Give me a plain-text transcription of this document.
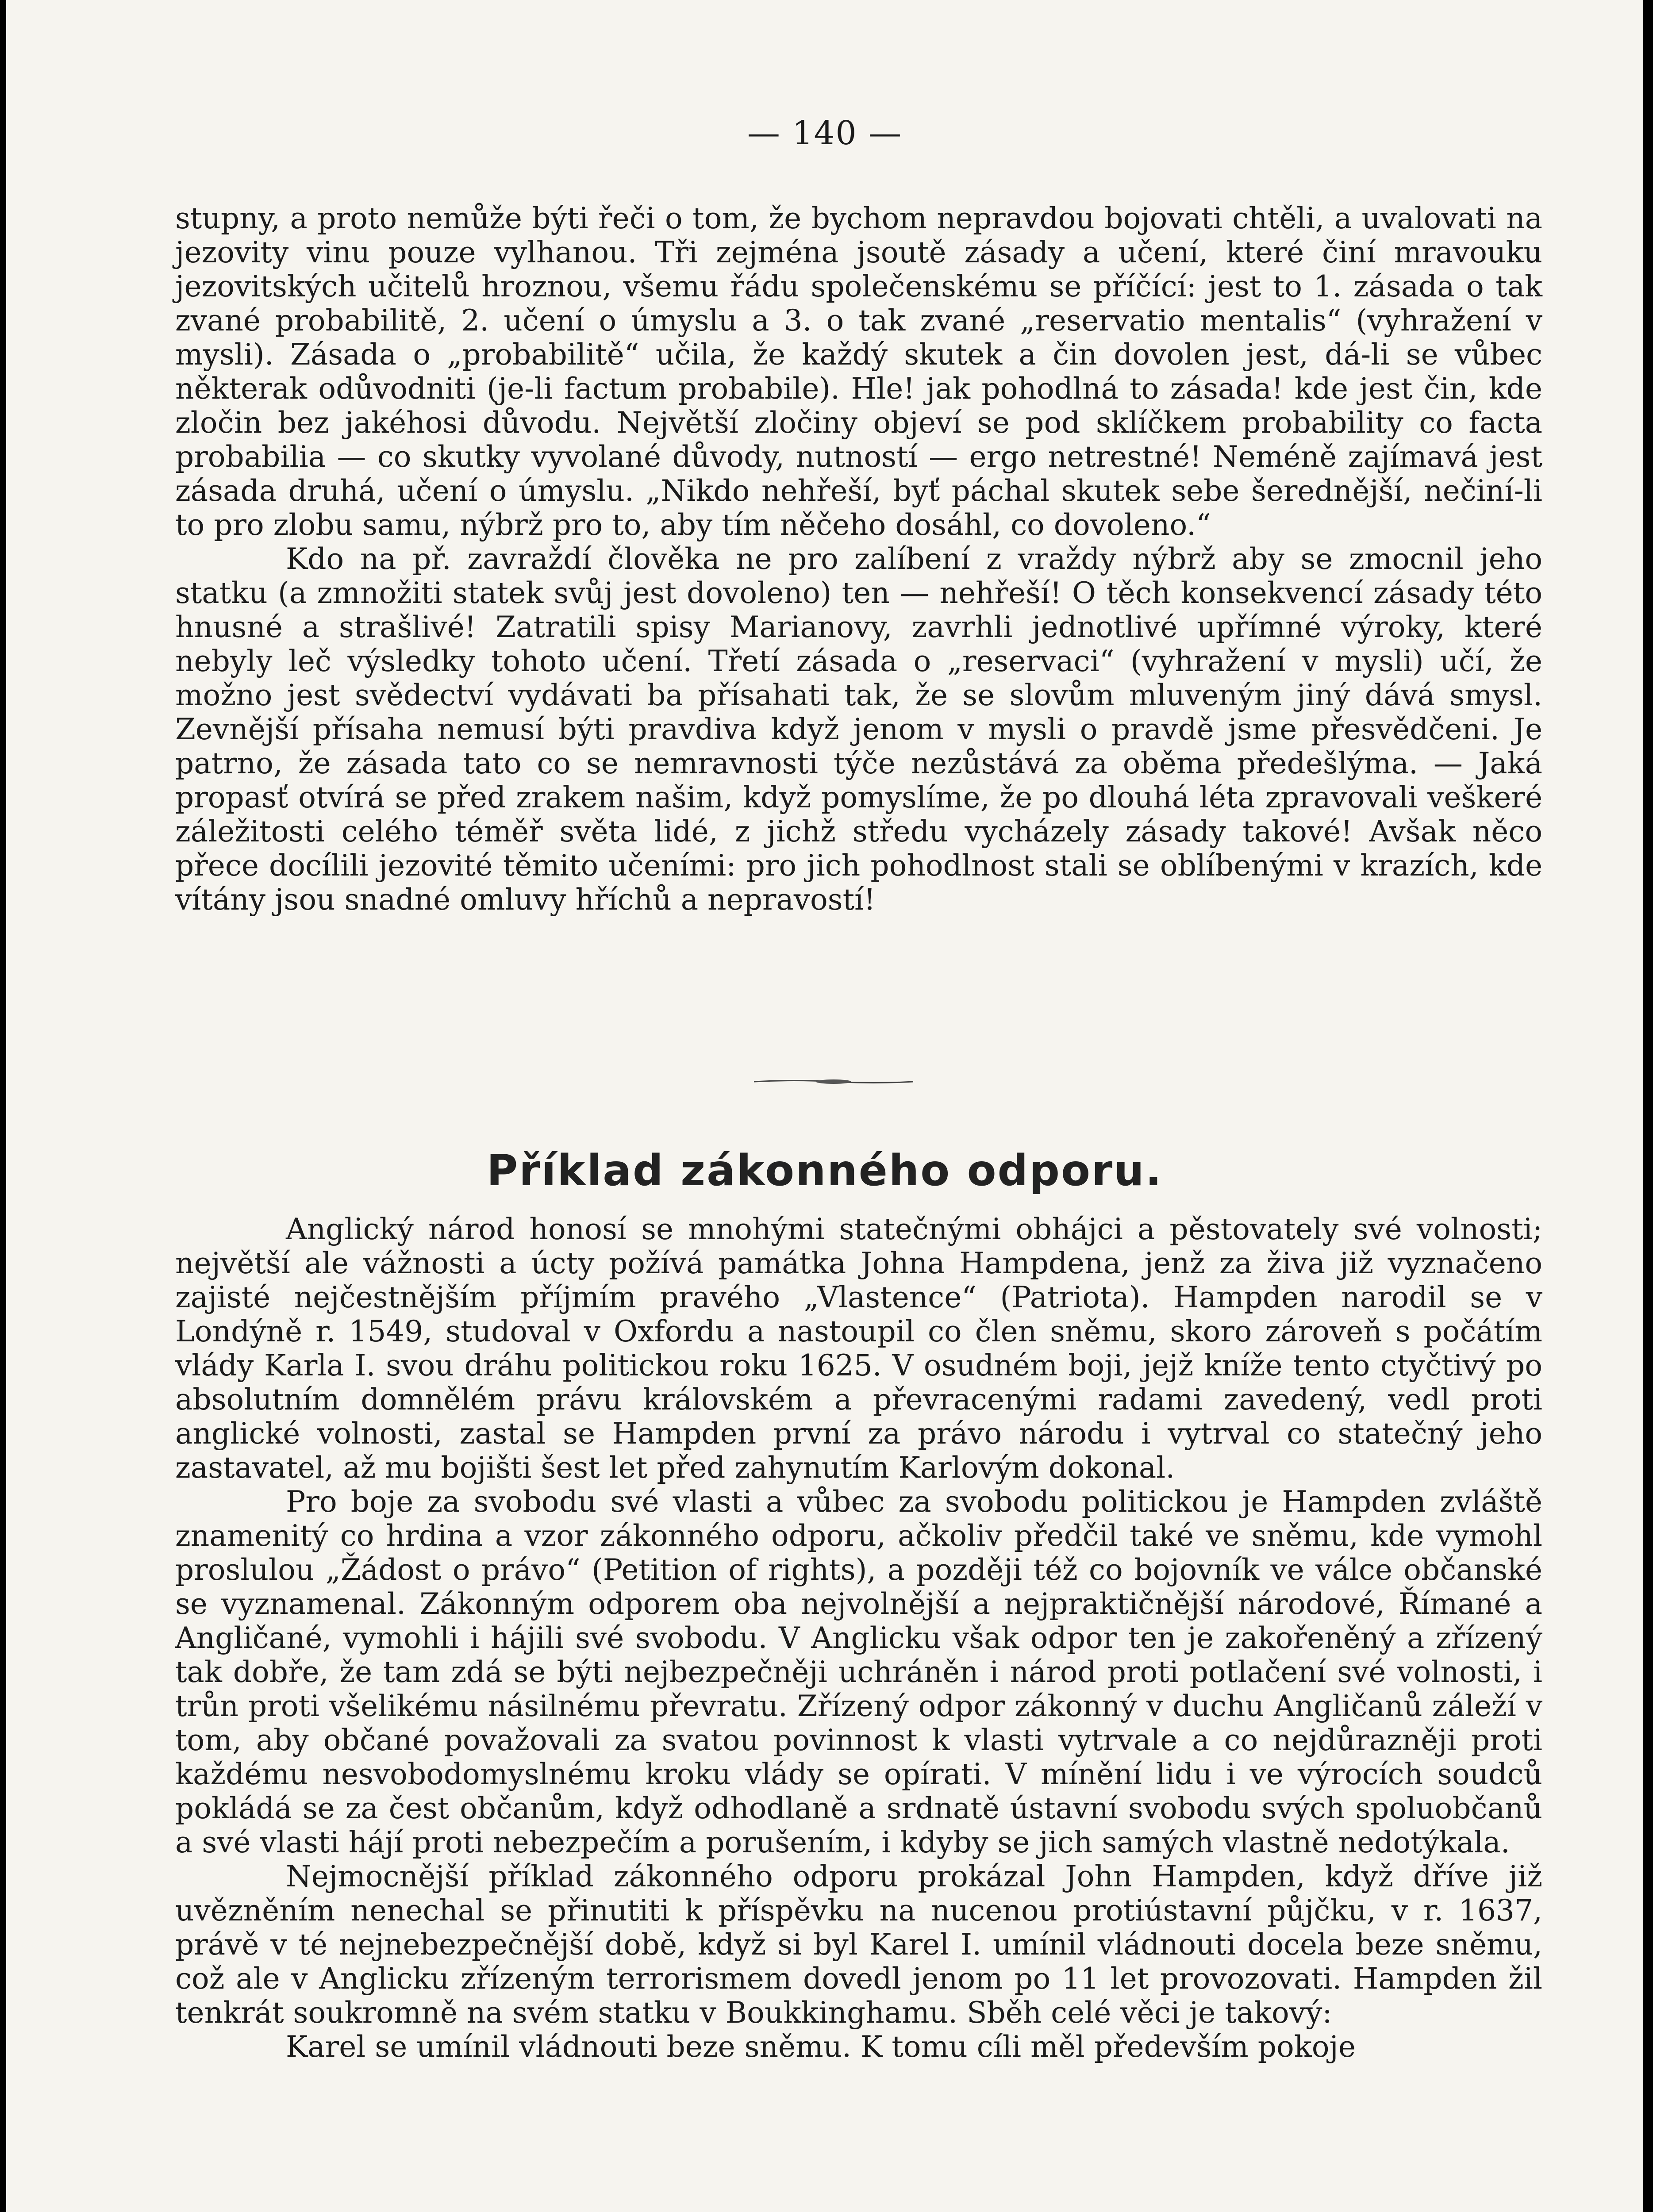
— 140 —

stupny, a proto nemůže býti řeči o tom, že bychom nepravdou bojovati chtěli, a uvalovati na jezovity vinu pouze vylhanou. Tři zejména jsoutě zásady a učení, které činí mravouku jezovitských učitelů hroznou, všemu řádu společenskému se příčící: jest to 1. zásada o tak zvané probabilitě, 2. učení o úmyslu a 3. o tak zvané „reservatio mentalis“ (vyhražení v mysli). Zásada o „probabilitě“ učila, že každý skutek a čin dovolen jest, dá-li se vůbec některak odůvodniti (je-li factum probabile). Hle! jak pohodlná to zásada! kde jest čin, kde zločin bez jakéhosi důvodu. Největší zločiny objeví se pod sklíčkem probability co facta probabilia — co skutky vyvolané důvody, nutností — ergo netrestné! Neméně zajímavá jest zásada druhá, učení o úmyslu. „Nikdo nehřeší, byť páchal skutek sebe šerednější, nečiní-li to pro zlobu samu, nýbrž pro to, aby tím něčeho dosáhl, co dovoleno.“

Kdo na př. zavraždí člověka ne pro zalíbení z vraždy nýbrž aby se zmocnil jeho statku (a zmnožiti statek svůj jest dovoleno) ten — nehřeší! O těch konsekvencí zásady této hnusné a strašlivé! Zatratili spisy Marianovy, zavrhli jednotlivé upřímné výroky, které nebyly leč výsledky tohoto učení. Třetí zásada o „reservaci“ (vyhražení v mysli) učí, že možno jest svědectví vydávati ba přísahati tak, že se slovům mluveným jiný dává smysl. Zevnější přísaha nemusí býti pravdiva když jenom v mysli o pravdě jsme přesvědčeni. Je patrno, že zásada tato co se nemravnosti týče nezůstává za oběma předešlýma. — Jaká propasť otvírá se před zrakem našim, když pomyslíme, že po dlouhá léta zpravovali veškeré záležitosti celého téměř světa lidé, z jichž středu vycházely zásady takové! Avšak něco přece docílili jezovité těmito učeními: pro jich pohodlnost stali se oblíbenými v krazích, kde vítány jsou snadné omluvy hříchů a nepravostí!

Příklad zákonného odporu.

Anglický národ honosí se mnohými statečnými obhájci a pěstovately své volnosti; největší ale vážnosti a úcty požívá památka Johna Hampdena, jenž za živa již vyznačeno zajisté nejčestnějším příjmím pravého „Vlastence“ (Patriota). Hampden narodil se v Londýně r. 1549, studoval v Oxfordu a nastoupil co člen sněmu, skoro zároveň s počátím vlády Karla I. svou dráhu politickou roku 1625. V osudném boji, jejž kníže tento ctyčtivý po absolutním domnělém právu královském a převracenými radami zavedený, vedl proti anglické volnosti, zastal se Hampden první za právo národu i vytrval co statečný jeho zastavatel, až mu bojišti šest let před zahynutím Karlovým dokonal.

Pro boje za svobodu své vlasti a vůbec za svobodu politickou je Hampden zvláště znamenitý co hrdina a vzor zákonného odporu, ačkoliv předčil také ve sněmu, kde vymohl proslulou „Žádost o právo“ (Petition of rights), a později též co bojovník ve válce občanské se vyznamenal. Zákonným odporem oba nejvolnější a nejpraktičnější národové, Římané a Angličané, vymohli i hájili své svobodu. V Anglicku však odpor ten je zakořeněný a zřízený tak dobře, že tam zdá se býti nejbezpečněji uchráněn i národ proti potlačení své volnosti, i trůn proti všelikému násilnému převratu. Zřízený odpor zákonný v duchu Angličanů záleží v tom, aby občané považovali za svatou povinnost k vlasti vytrvale a co nejdůrazněji proti každému nesvobodomyslnému kroku vlády se opírati. V mínění lidu i ve výrocích soudců pokládá se za čest občanům, když odhodlaně a srdnatě ústavní svobodu svých spoluobčanů a své vlasti hájí proti nebezpečím a porušením, i kdyby se jich samých vlastně nedotýkala.

Nejmocnější příklad zákonného odporu prokázal John Hampden, když dříve již uvězněním nenechal se přinutiti k příspěvku na nucenou protiústavní půjčku, v r. 1637, právě v té nejnebezpečnější době, když si byl Karel I. umínil vládnouti docela beze sněmu, což ale v Anglicku zřízeným terrorismem dovedl jenom po 11 let provozovati. Hampden žil tenkrát soukromně na svém statku v Boukkinghamu. Sběh celé věci je takový:

Karel se umínil vládnouti beze sněmu. K tomu cíli měl především pokoje
